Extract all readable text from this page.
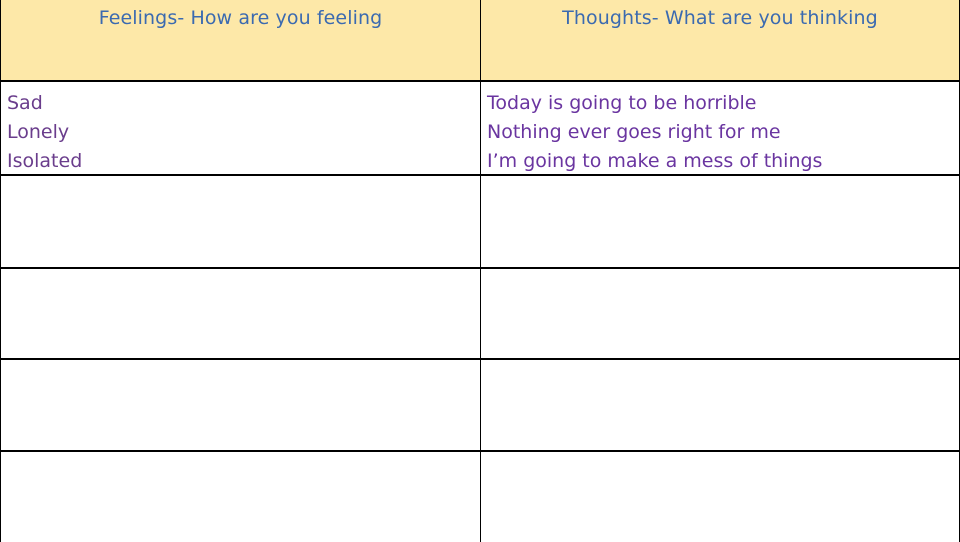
Feelings- How are you feeling	Thoughts- What are you thinking
Sad
Lonely
Isolated
Today is going to be horrible
Nothing ever goes right for me
I’m going to make a mess of things
